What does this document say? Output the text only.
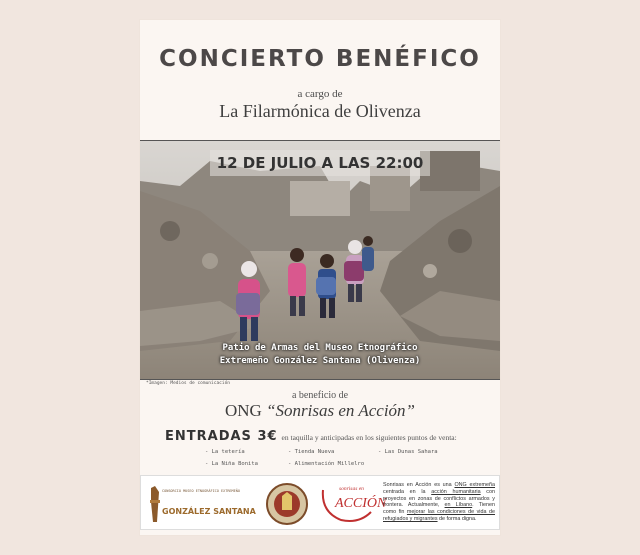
CONCIERTO BENÉFICO
a cargo de
La Filarmónica de Olivenza
12 DE JULIO A LAS 22:00
Patio de Armas del Museo Etnográfico
Extremeño González Santana (Olivenza)
*Imagen: Medios de comunicación
a beneficio de
ONG “Sonrisas en Acción”
ENTRADAS 3€ en taquilla y anticipadas en los siguientes puntos de venta:
- La tetería	- Tienda Nueva	- Las Dunas Sahara
- La Niña Bonita	- Alimentación Millelro
CONSORCIO MUSEO ETNOGRÁFICO EXTREMEÑO
GONZÁLEZ SANTANA
sonrisas en
ACCIÓN
Sonrisas en Acción es una ONG extremeña centrada en la acción humanitaria con proyectos en zonas de conflictos armados y frontera. Actualmente, en Líbano. Tienen como fin mejorar las condiciones de vida de refugiados y migrantes de forma digna.
